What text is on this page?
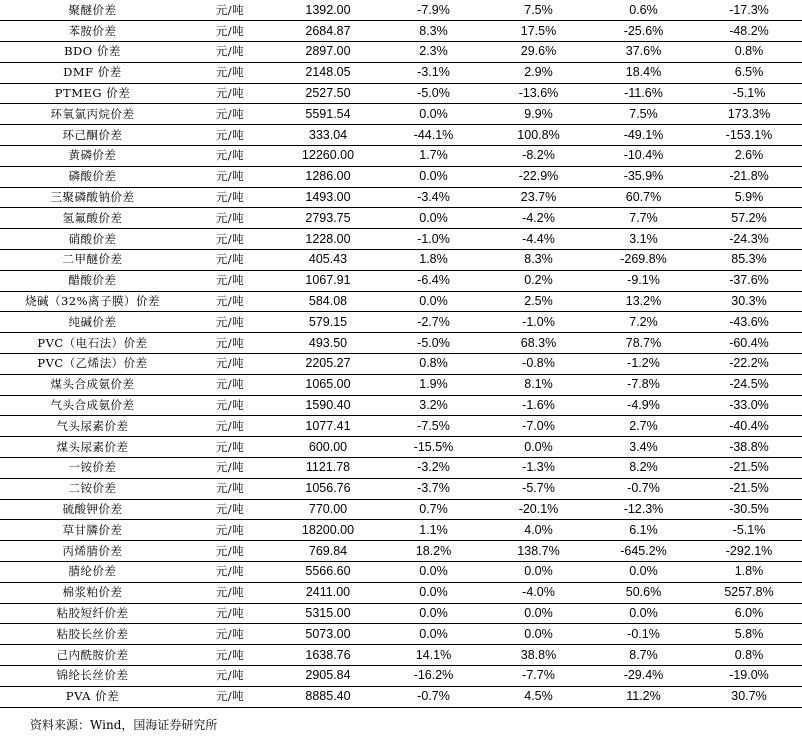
聚醚价差	元/吨	1392.00	-7.9%	7.5%	0.6%	-17.3%
苯胺价差	元/吨	2684.87	8.3%	17.5%	-25.6%	-48.2%
BDO 价差	元/吨	2897.00	2.3%	29.6%	37.6%	0.8%
DMF 价差	元/吨	2148.05	-3.1%	2.9%	18.4%	6.5%
PTMEG 价差	元/吨	2527.50	-5.0%	-13.6%	-11.6%	-5.1%
环氧氯丙烷价差	元/吨	5591.54	0.0%	9.9%	7.5%	173.3%
环己酮价差	元/吨	333.04	-44.1%	100.8%	-49.1%	-153.1%
黄磷价差	元/吨	12260.00	1.7%	-8.2%	-10.4%	2.6%
磷酸价差	元/吨	1286.00	0.0%	-22.9%	-35.9%	-21.8%
三聚磷酸钠价差	元/吨	1493.00	-3.4%	23.7%	60.7%	5.9%
氢氟酸价差	元/吨	2793.75	0.0%	-4.2%	7.7%	57.2%
硝酸价差	元/吨	1228.00	-1.0%	-4.4%	3.1%	-24.3%
二甲醚价差	元/吨	405.43	1.8%	8.3%	-269.8%	85.3%
醋酸价差	元/吨	1067.91	-6.4%	0.2%	-9.1%	-37.6%
烧碱（32%离子膜）价差	元/吨	584.08	0.0%	2.5%	13.2%	30.3%
纯碱价差	元/吨	579.15	-2.7%	-1.0%	7.2%	-43.6%
PVC（电石法）价差	元/吨	493.50	-5.0%	68.3%	78.7%	-60.4%
PVC（乙烯法）价差	元/吨	2205.27	0.8%	-0.8%	-1.2%	-22.2%
煤头合成氨价差	元/吨	1065.00	1.9%	8.1%	-7.8%	-24.5%
气头合成氨价差	元/吨	1590.40	3.2%	-1.6%	-4.9%	-33.0%
气头尿素价差	元/吨	1077.41	-7.5%	-7.0%	2.7%	-40.4%
煤头尿素价差	元/吨	600.00	-15.5%	0.0%	3.4%	-38.8%
一铵价差	元/吨	1121.78	-3.2%	-1.3%	8.2%	-21.5%
二铵价差	元/吨	1056.76	-3.7%	-5.7%	-0.7%	-21.5%
硫酸钾价差	元/吨	770.00	0.7%	-20.1%	-12.3%	-30.5%
草甘膦价差	元/吨	18200.00	1.1%	4.0%	6.1%	-5.1%
丙烯腈价差	元/吨	769.84	18.2%	138.7%	-645.2%	-292.1%
腈纶价差	元/吨	5566.60	0.0%	0.0%	0.0%	1.8%
棉浆粕价差	元/吨	2411.00	0.0%	-4.0%	50.6%	5257.8%
粘胶短纤价差	元/吨	5315.00	0.0%	0.0%	0.0%	6.0%
粘胶长丝价差	元/吨	5073.00	0.0%	0.0%	-0.1%	5.8%
己内酰胺价差	元/吨	1638.76	14.1%	38.8%	8.7%	0.8%
锦纶长丝价差	元/吨	2905.84	-16.2%	-7.7%	-29.4%	-19.0%
PVA 价差	元/吨	8885.40	-0.7%	4.5%	11.2%	30.7%
资料来源：Wind，国海证券研究所
